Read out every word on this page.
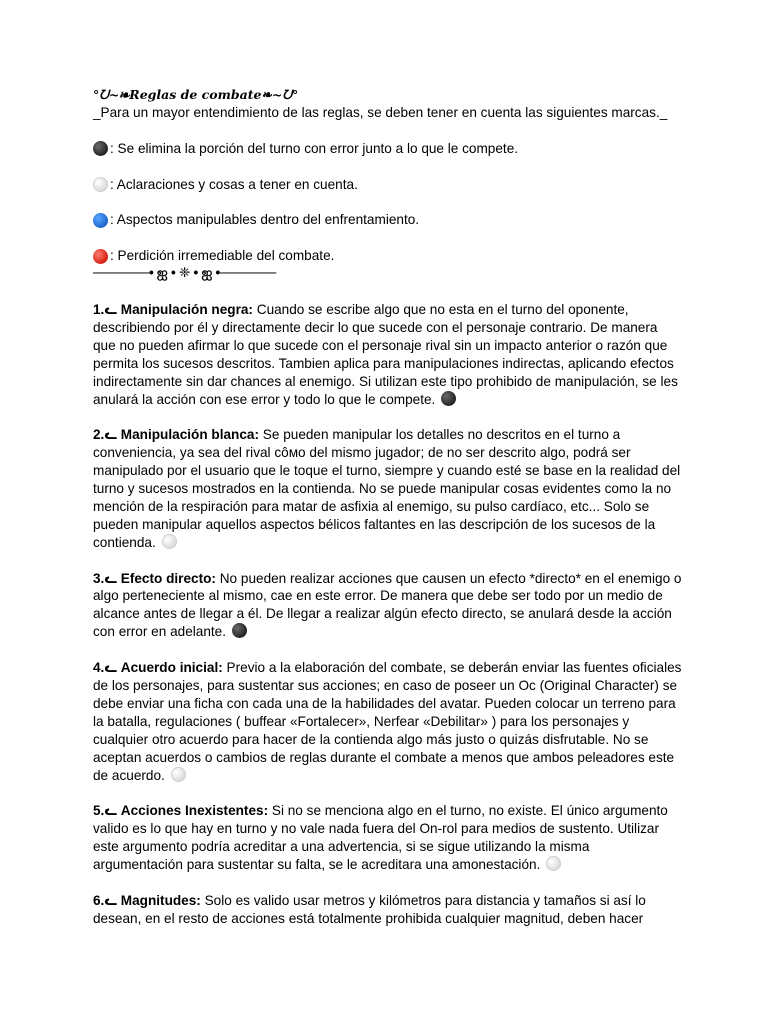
°ᘢ~❧Reglas de combate❧~ᘢ°

_Para un mayor entendimiento de las reglas, se deben tener en cuenta las siguientes marcas._

: Se elimina la porción del turno con error junto a lo que le compete.
: Aclaraciones y cosas a tener en cuenta.
: Aspectos manipulables dentro del enfrentamiento.
: Perdición irremediable del combate.
──────• ஐ • ❈ • ஐ •──────
1.ᓚ Manipulación negra: Cuando se escribe algo que no esta en el turno del oponente, describiendo por él y directamente decir lo que sucede con el personaje contrario. De manera que no pueden afirmar lo que sucede con el personaje rival sin un impacto anterior o razón que permita los sucesos descritos. Tambien aplica para manipulaciones indirectas, aplicando efectos indirectamente sin dar chances al enemigo. Si utilizan este tipo prohibido de manipulación, se les anulará la acción con ese error y todo lo que le compete.
2.ᓚ Manipulación blanca: Se pueden manipular los detalles no descritos en el turno a conveniencia, ya sea del rival côмо del mismo jugador; de no ser descrito algo, podrá ser manipulado por el usuario que le toque el turno, siempre y cuando esté se base en la realidad del turno y sucesos mostrados en la contienda. No se puede manipular cosas evidentes como la no mención de la respiración para matar de asfixia al enemigo, su pulso cardíaco, etc... Solo se pueden manipular aquellos aspectos bélicos faltantes en las descripción de los sucesos de la contienda.
3.ᓚ Efecto directo: No pueden realizar acciones que causen un efecto *directo* en el enemigo o algo perteneciente al mismo, cae en este error. De manera que debe ser todo por un medio de alcance antes de llegar a él. De llegar a realizar algún efecto directo, se anulará desde la acción con error en adelante.
4.ᓚ Acuerdo inicial: Previo a la elaboración del combate, se deberán enviar las fuentes oficiales de los personajes, para sustentar sus acciones; en caso de poseer un Oc (Original Character) se debe enviar una ficha con cada una de la habilidades del avatar. Pueden colocar un terreno para la batalla, regulaciones ( buffear «Fortalecer», Nerfear «Debilitar» ) para los personajes y cualquier otro acuerdo para hacer de la contienda algo más justo o quizás disfrutable. No se aceptan acuerdos o cambios de reglas durante el combate a menos que ambos peleadores este de acuerdo.
5.ᓚ Acciones Inexistentes: Si no se menciona algo en el turno, no existe. El único argumento valido es lo que hay en turno y no vale nada fuera del On-rol para medios de sustento. Utilizar este argumento podría acreditar a una advertencia, si se sigue utilizando la misma argumentación para sustentar su falta, se le acreditara una amonestación.
6.ᓚ Magnitudes: Solo es valido usar metros y kilómetros para distancia y tamaños si así lo desean, en el resto de acciones está totalmente prohibida cualquier magnitud, deben hacer
